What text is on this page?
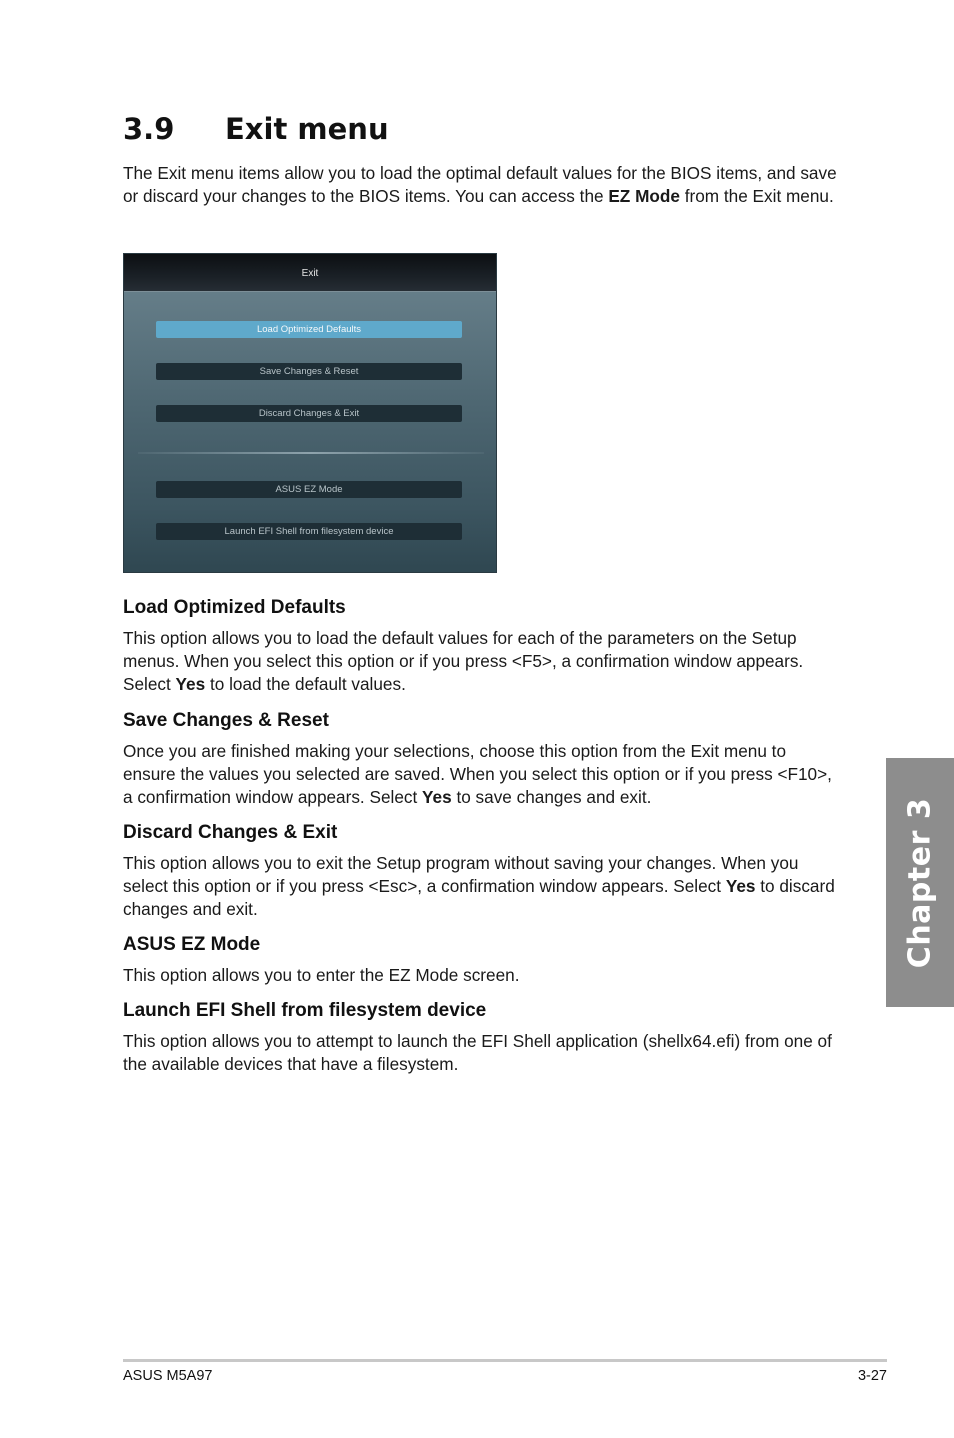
3.9 Exit menu

The Exit menu items allow you to load the optimal default values for the BIOS items, and save or discard your changes to the BIOS items. You can access the EZ Mode from the Exit menu.

Exit
Load Optimized Defaults
Save Changes & Reset
Discard Changes & Exit
ASUS EZ Mode
Launch EFI Shell from filesystem device
Load Optimized Defaults

This option allows you to load the default values for each of the parameters on the Setup menus. When you select this option or if you press <F5>, a confirmation window appears. Select Yes to load the default values.

Save Changes & Reset

Once you are finished making your selections, choose this option from the Exit menu to ensure the values you selected are saved. When you select this option or if you press <F10>, a confirmation window appears. Select Yes to save changes and exit.

Discard Changes & Exit

This option allows you to exit the Setup program without saving your changes. When you select this option or if you press <Esc>, a confirmation window appears. Select Yes to discard changes and exit.

ASUS EZ Mode

This option allows you to enter the EZ Mode screen.

Launch EFI Shell from filesystem device

This option allows you to attempt to launch the EFI Shell application (shellx64.efi) from one of the available devices that have a filesystem.

Chapter 3
ASUS M5A97	3-27
